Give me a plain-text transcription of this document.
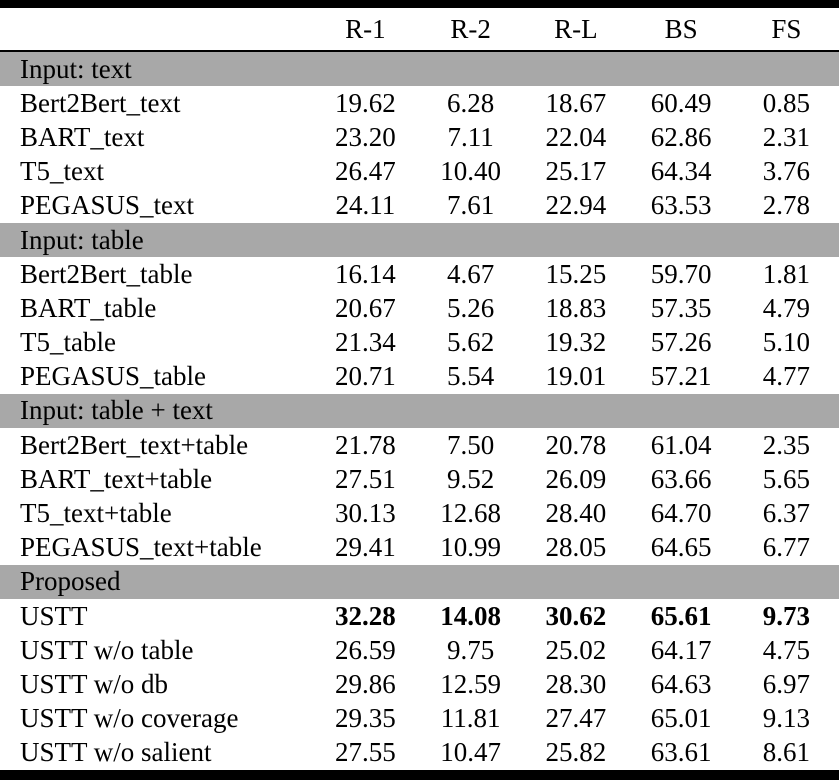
	R-1	R-2	R-L	BS	FS
Input: text					
Bert2Bert_text	19.62	6.28	18.67	60.49	0.85
BART_text	23.20	7.11	22.04	62.86	2.31
T5_text	26.47	10.40	25.17	64.34	3.76
PEGASUS_text	24.11	7.61	22.94	63.53	2.78
Input: table					
Bert2Bert_table	16.14	4.67	15.25	59.70	1.81
BART_table	20.67	5.26	18.83	57.35	4.79
T5_table	21.34	5.62	19.32	57.26	5.10
PEGASUS_table	20.71	5.54	19.01	57.21	4.77
Input: table + text					
Bert2Bert_text+table	21.78	7.50	20.78	61.04	2.35
BART_text+table	27.51	9.52	26.09	63.66	5.65
T5_text+table	30.13	12.68	28.40	64.70	6.37
PEGASUS_text+table	29.41	10.99	28.05	64.65	6.77
Proposed					
USTT	32.28	14.08	30.62	65.61	9.73
USTT w/o table	26.59	9.75	25.02	64.17	4.75
USTT w/o db	29.86	12.59	28.30	64.63	6.97
USTT w/o coverage	29.35	11.81	27.47	65.01	9.13
USTT w/o salient	27.55	10.47	25.82	63.61	8.61
